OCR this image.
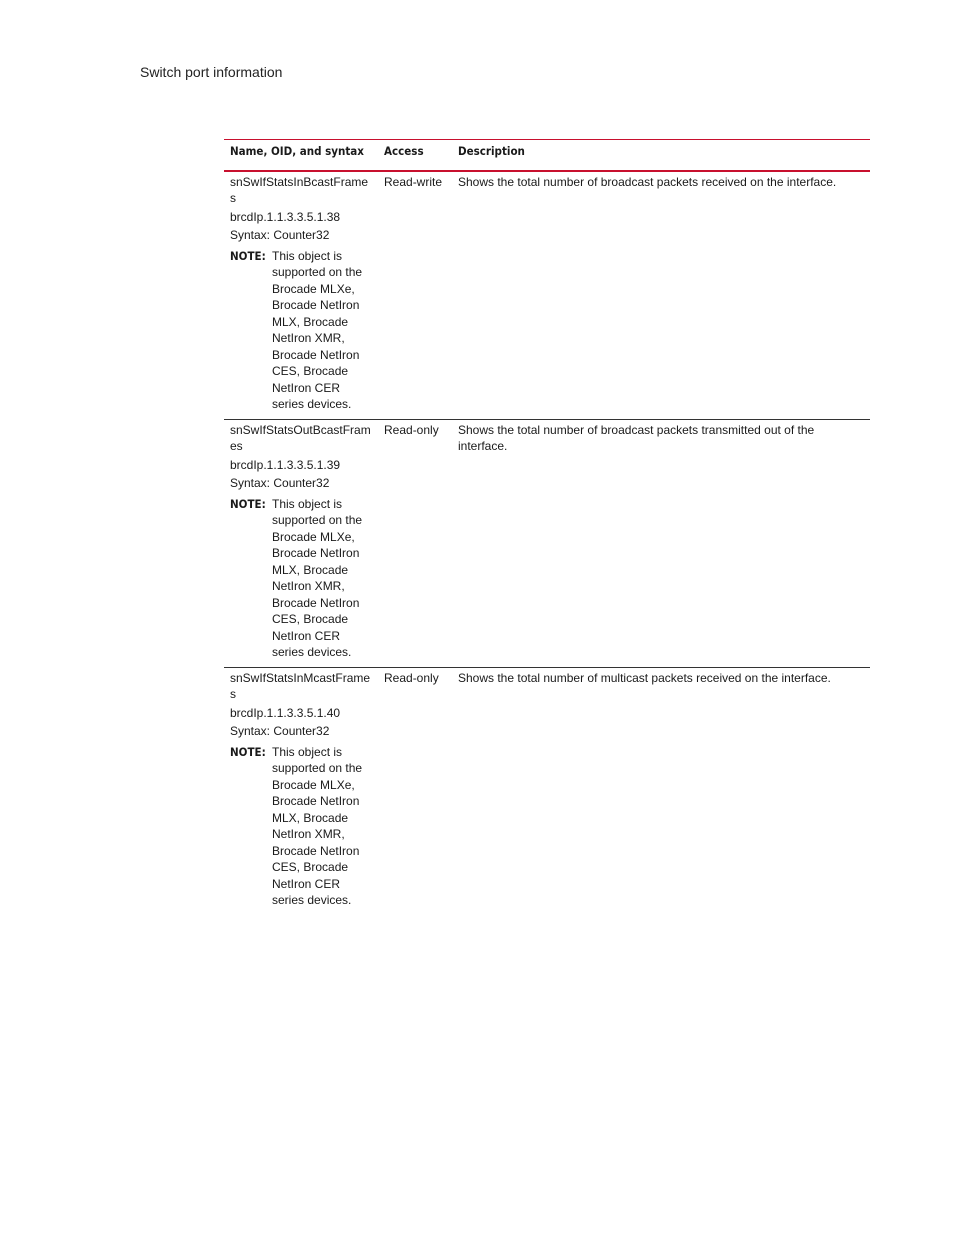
Switch port information
Name, OID, and syntax	Access	Description

snSwIfStatsInBcastFrames
brcdIp.1.1.3.3.5.1.38
Syntax: Counter32
NOTE: This object is supported on the Brocade MLXe, Brocade NetIron MLX, Brocade NetIron XMR, Brocade NetIron CES, Brocade NetIron CER series devices.	Read-write	Shows the total number of broadcast packets received on the interface.

snSwIfStatsOutBcastFrames
brcdIp.1.1.3.3.5.1.39
Syntax: Counter32
NOTE: This object is supported on the Brocade MLXe, Brocade NetIron MLX, Brocade NetIron XMR, Brocade NetIron CES, Brocade NetIron CER series devices.	Read-only	Shows the total number of broadcast packets transmitted out of the interface.

snSwIfStatsInMcastFrames
brcdIp.1.1.3.3.5.1.40
Syntax: Counter32
NOTE: This object is supported on the Brocade MLXe, Brocade NetIron MLX, Brocade NetIron XMR, Brocade NetIron CES, Brocade NetIron CER series devices.	Read-only	Shows the total number of multicast packets received on the interface.
